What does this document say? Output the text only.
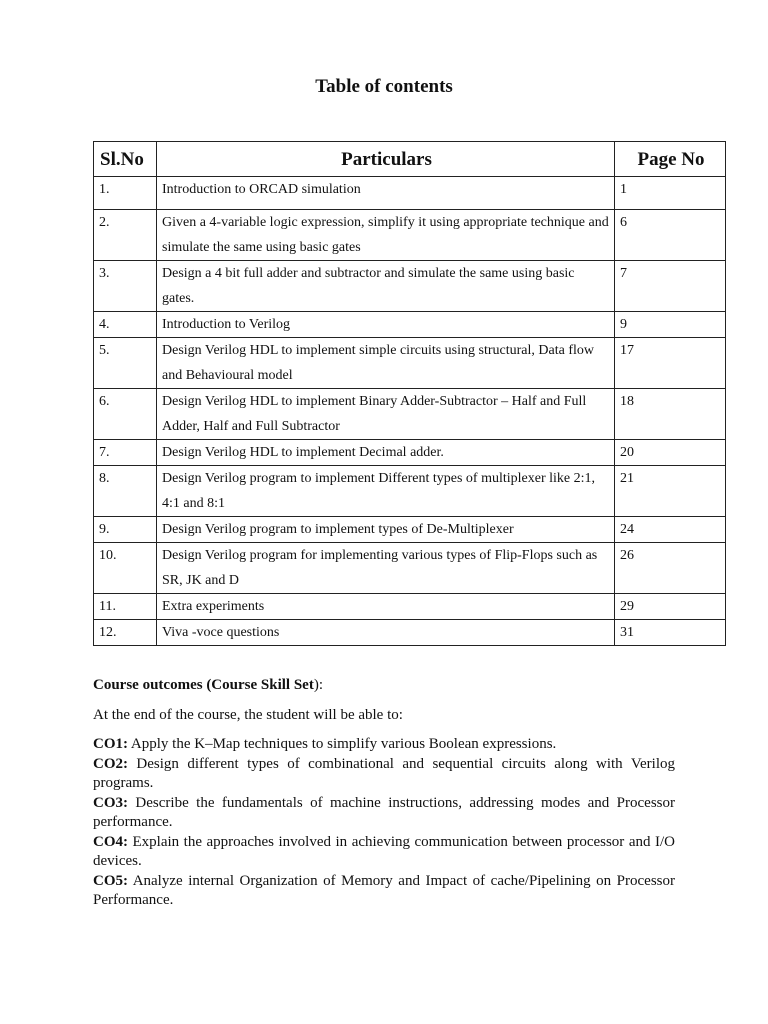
Table of contents
Sl.No	Particulars	Page No
1.	Introduction to ORCAD simulation	1
2.	Given a 4-variable logic expression, simplify it using appropriate technique and simulate the same using basic gates	6
3.	Design a 4 bit full adder and subtractor and simulate the same using basic gates.	7
4.	Introduction to Verilog	9
5.	Design Verilog HDL to implement simple circuits using structural, Data flow and Behavioural model	17
6.	Design Verilog HDL to implement Binary Adder-Subtractor – Half and Full Adder, Half and Full Subtractor	18
7.	Design Verilog HDL to implement Decimal adder.	20
8.	Design Verilog program to implement Different types of multiplexer like 2:1, 4:1 and 8:1	21
9.	Design Verilog program to implement types of De-Multiplexer	24
10.	Design Verilog program for implementing various types of Flip-Flops such as SR, JK and D	26
11.	Extra experiments	29
12.	Viva -voce questions	31

Course outcomes (Course Skill Set):

At the end of the course, the student will be able to:

CO1: Apply the K–Map techniques to simplify various Boolean expressions.

CO2: Design different types of combinational and sequential circuits along with Verilog programs.

CO3: Describe the fundamentals of machine instructions, addressing modes and Processor performance.

CO4: Explain the approaches involved in achieving communication between processor and I/O devices.

CO5: Analyze internal Organization of Memory and Impact of cache/Pipelining on Processor Performance.
